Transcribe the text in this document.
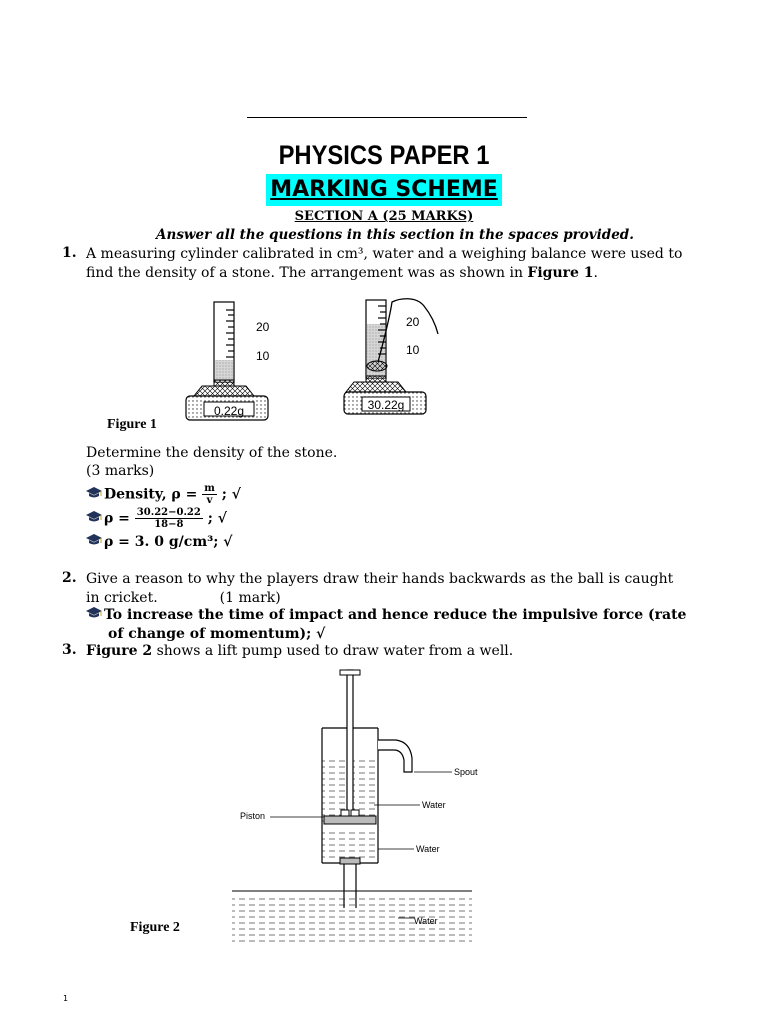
PHYSICS PAPER 1
MARKING SCHEME
SECTION A (25 MARKS)
Answer all the questions in this section in the spaces provided.
1. A measuring cylinder calibrated in cm³, water and a weighing balance were used to
find the density of a stone. The arrangement was as shown in Figure 1.
20
10
0.22g
20
10
30.22g
Figure 1
Determine the density of the stone.
(3 marks)
Density, $\rho = \frac{m}{v}$ ; √
$\rho = \frac{30.22-0.22}{18-8}$ ; √
ρ = 3. 0 g/cm³; √
2. Give a reason to why the players draw their hands backwards as the ball is caught
in cricket.	(1 mark)
To increase the time of impact and hence reduce the impulsive force (rate
of change of momentum); √
3. Figure 2 shows a lift pump used to draw water from a well.
Spout
Water
Piston
Water
Water
Figure 2
1
